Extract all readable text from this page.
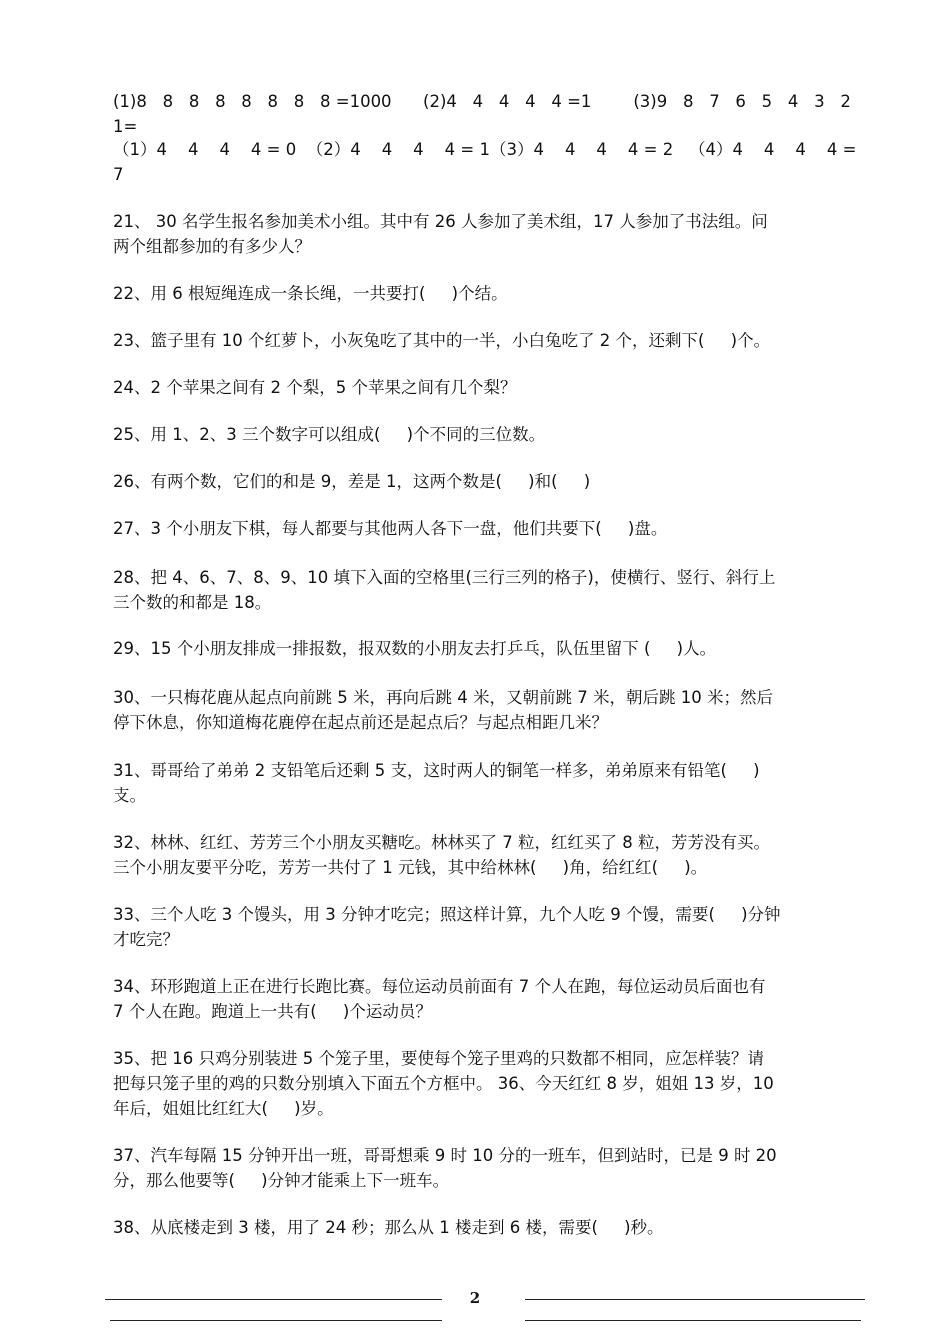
(1)8   8   8   8   8   8   8   8 =1000      (2)4   4   4   4   4 =1        (3)9   8   7   6   5   4   3   2   1=
（1）4    4    4    4 = 0  （2）4    4    4    4 = 1（3）4    4    4    4 = 2   （4）4    4    4    4 =
7
21、 30 名学生报名参加美术小组。其中有 26 人参加了美术组，17 人参加了书法组。问
两个组都参加的有多少人？
22、用 6 根短绳连成一条长绳，一共要打(     )个结。
23、篮子里有 10 个红萝卜，小灰兔吃了其中的一半，小白兔吃了 2 个，还剩下(     )个。
24、2 个苹果之间有 2 个梨，5 个苹果之间有几个梨？
25、用 1、2、3 三个数字可以组成(     )个不同的三位数。
26、有两个数，它们的和是 9，差是 1，这两个数是(     )和(     )
27、3 个小朋友下棋，每人都要与其他两人各下一盘，他们共要下(     )盘。
28、把 4、6、7、8、9、10 填下入面的空格里(三行三列的格子)，使横行、竖行、斜行上
三个数的和都是 18。
29、15 个小朋友排成一排报数，报双数的小朋友去打乒乓，队伍里留下 (     )人。
30、一只梅花鹿从起点向前跳 5 米，再向后跳 4 米，又朝前跳 7 米，朝后跳 10 米；然后
停下休息，你知道梅花鹿停在起点前还是起点后？与起点相距几米？
31、哥哥给了弟弟 2 支铅笔后还剩 5 支，这时两人的铜笔一样多，弟弟原来有铅笔(     )
支。
32、林林、红红、芳芳三个小朋友买糖吃。林林买了 7 粒，红红买了 8 粒，芳芳没有买。
三个小朋友要平分吃，芳芳一共付了 1 元钱，其中给林林(     )角，给红红(     )。
33、三个人吃 3 个馒头，用 3 分钟才吃完；照这样计算，九个人吃 9 个馒，需要(     )分钟
才吃完？
34、环形跑道上正在进行长跑比赛。每位运动员前面有 7 个人在跑，每位运动员后面也有
7 个人在跑。跑道上一共有(     )个运动员？
35、把 16 只鸡分别装进 5 个笼子里，要使每个笼子里鸡的只数都不相同，应怎样装？请
把每只笼子里的鸡的只数分别填入下面五个方框中。 36、今天红红 8 岁，姐姐 13 岁，10
年后，姐姐比红红大(     )岁。
37、汽车每隔 15 分钟开出一班，哥哥想乘 9 时 10 分的一班车，但到站时，已是 9 时 20
分，那么他要等(     )分钟才能乘上下一班车。
38、从底楼走到 3 楼，用了 24 秒；那么从 1 楼走到 6 楼，需要(     )秒。
2
